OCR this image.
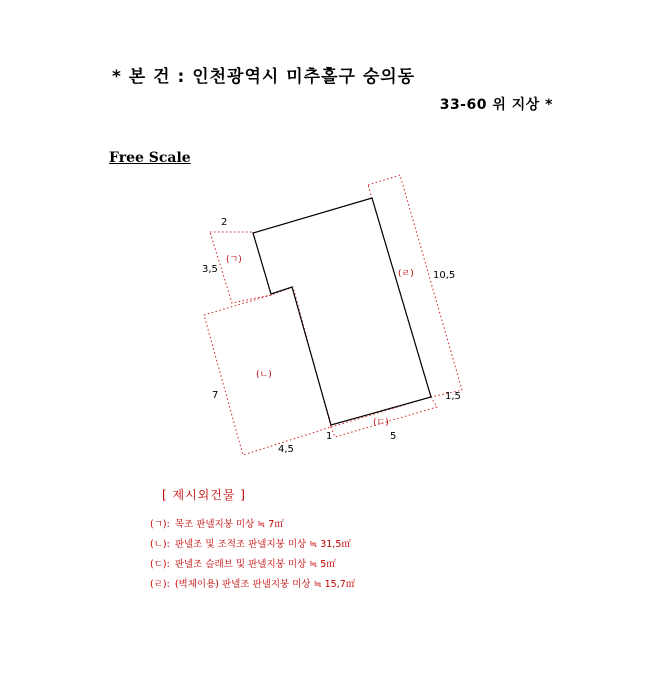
* 본 건 : 인천광역시 미추홀구 숭의동
33-60 위 지상 *
Free Scale
2
3,5
7
4,5
1	5
1,5
10,5
(ㄱ)
(ㄴ)
(ㄷ)
(ㄹ)
[ 제시외건물 ]
(ㄱ): 목조 판넬지붕 미상 ≒ 7㎡
(ㄴ): 판넬조 및 조적조 판넬지붕 미상 ≒ 31,5㎡
(ㄷ): 판넬조 슬래브 및 판넬지붕 미상 ≒ 5㎡
(ㄹ): (벽체이용) 판넬조 판넬지붕 미상 ≒ 15,7㎡
